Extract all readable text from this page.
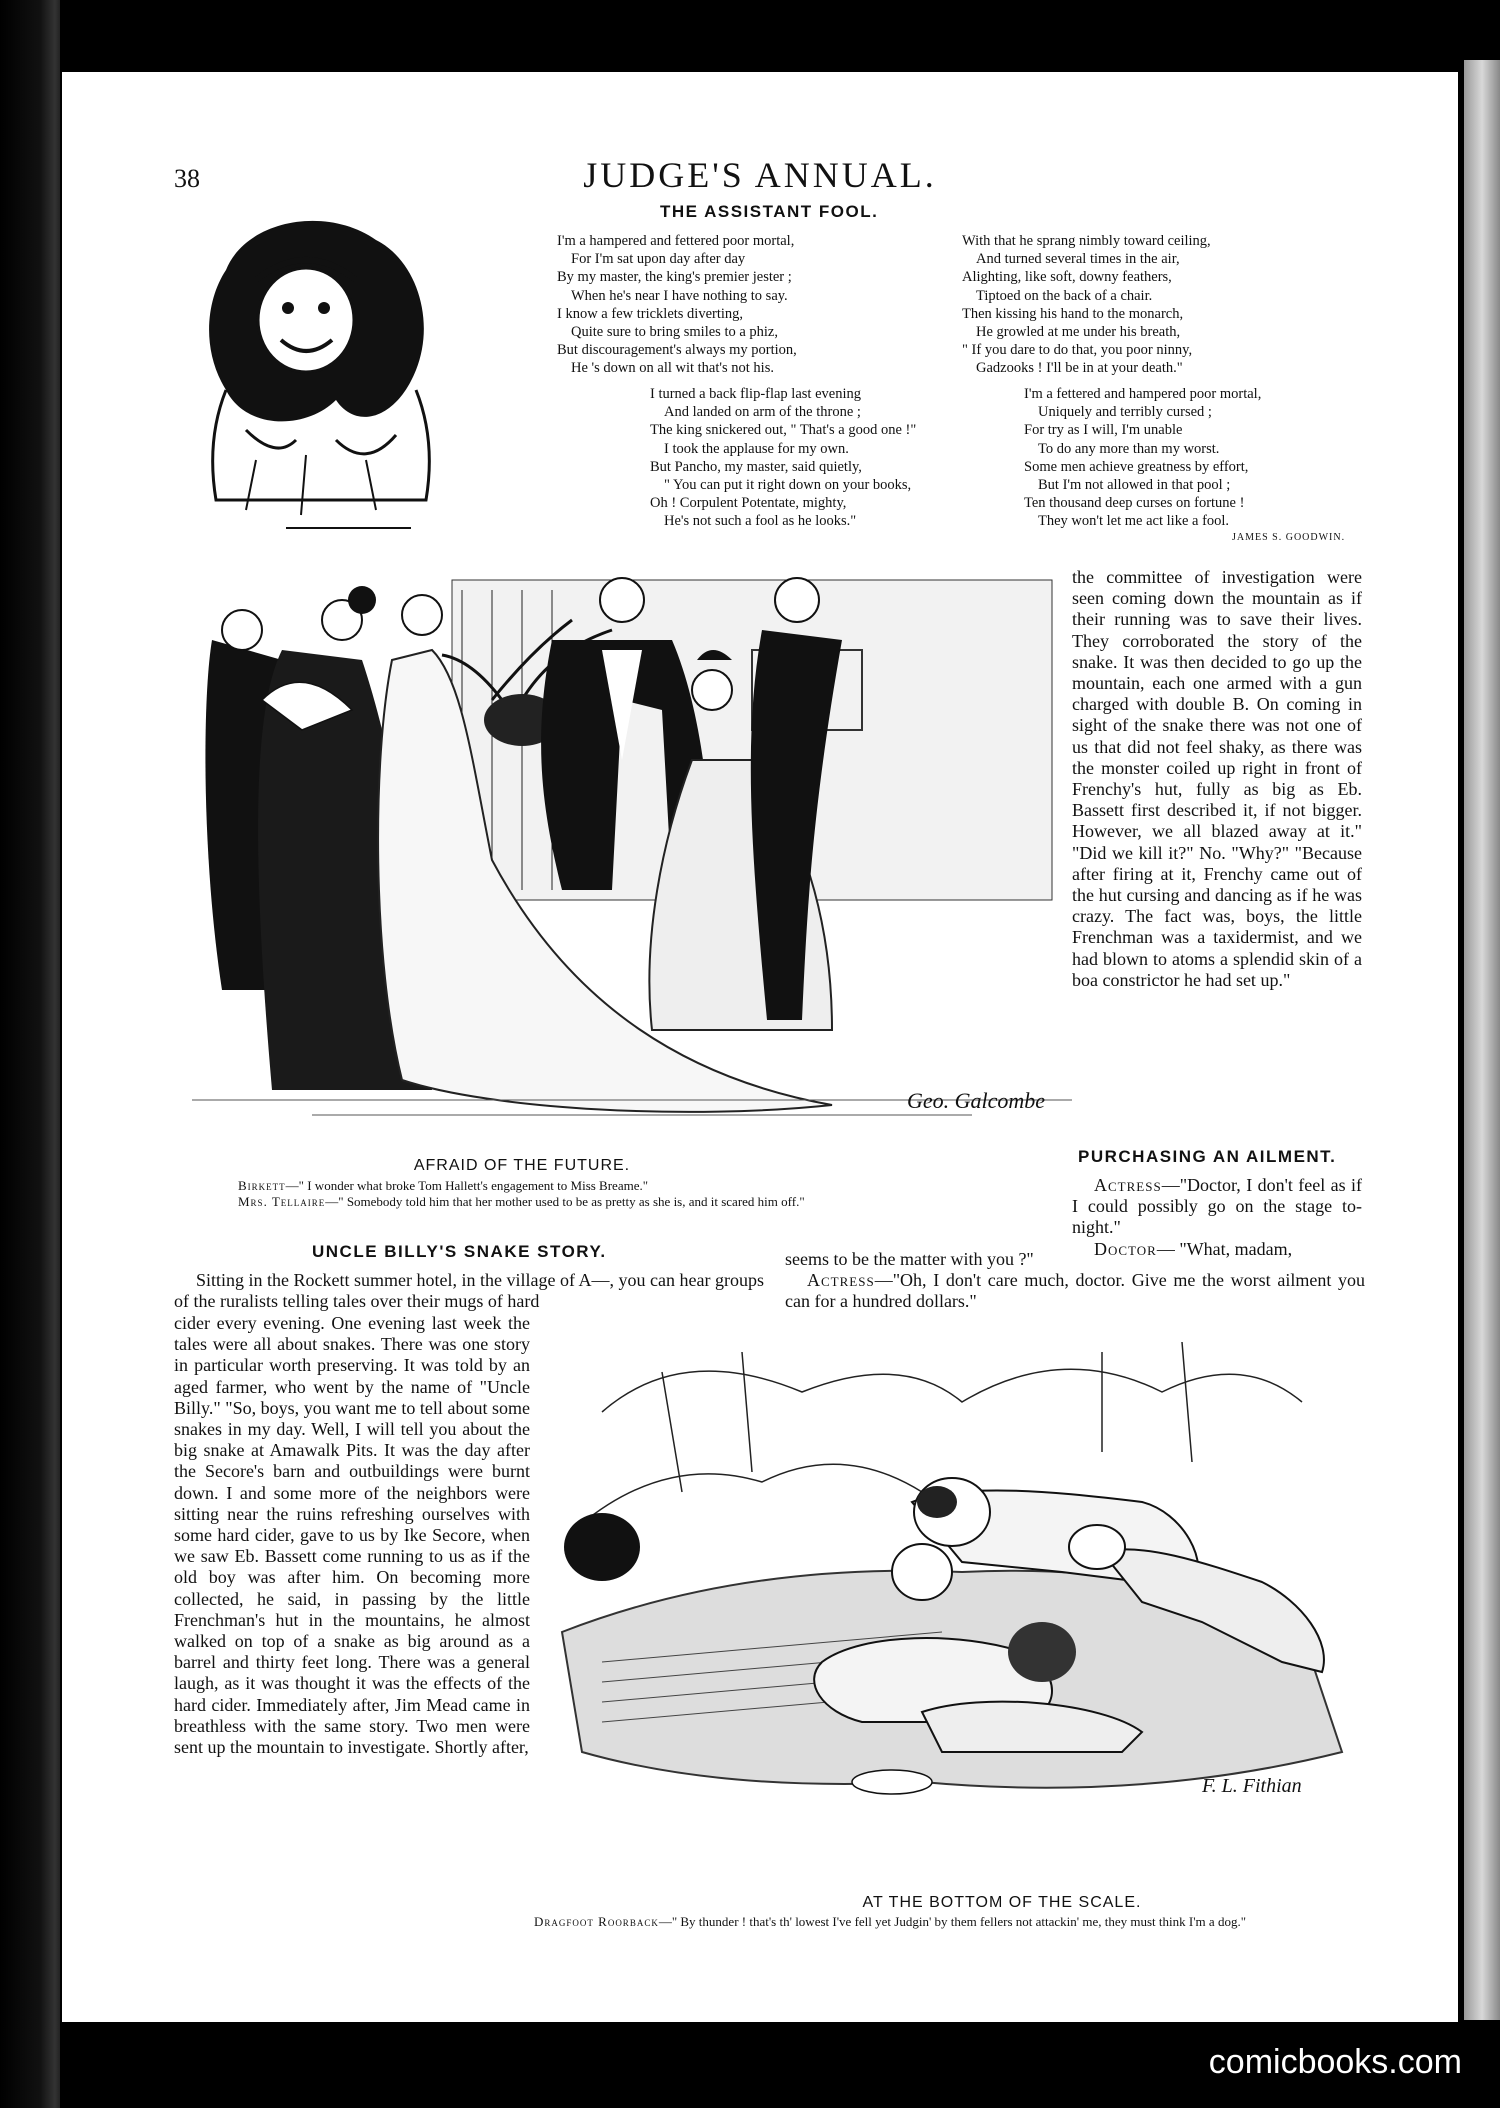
38	JUDGE'S ANNUAL.
THE ASSISTANT FOOL.
I'm a hampered and fettered poor mortal,
For I'm sat upon day after day
By my master, the king's premier jester ;
When he's near I have nothing to say.
I know a few tricklets diverting,
Quite sure to bring smiles to a phiz,
But discouragement's always my portion,
He 's down on all wit that's not his.
With that he sprang nimbly toward ceiling,
And turned several times in the air,
Alighting, like soft, downy feathers,
Tiptoed on the back of a chair.
Then kissing his hand to the monarch,
He growled at me under his breath,
" If you dare to do that, you poor ninny,
Gadzooks ! I'll be in at your death."
I turned a back flip-flap last evening
And landed on arm of the throne ;
The king snickered out, " That's a good one !"
I took the applause for my own.
But Pancho, my master, said quietly,
" You can put it right down on your books,
Oh ! Corpulent Potentate, mighty,
He's not such a fool as he looks."
I'm a fettered and hampered poor mortal,
Uniquely and terribly cursed ;
For try as I will, I'm unable
To do any more than my worst.
Some men achieve greatness by effort,
But I'm not allowed in that pool ;
Ten thousand deep curses on fortune !
They won't let me act like a fool.
JAMES S. GOODWIN.
Geo. Galcombe
AFRAID OF THE FUTURE.
Birkett—" I wonder what broke Tom Hallett's engagement to Miss Breame."
Mrs. Tellaire—" Somebody told him that her mother used to be as pretty as she is, and it scared him off."

the committee of investigation were seen coming down the mountain as if their running was to save their lives. They corroborated the story of the snake. It was then decided to go up the mountain, each one armed with a gun charged with double B. On coming in sight of the snake there was not one of us that did not feel shaky, as there was the monster coiled up right in front of Frenchy's hut, fully as big as Eb. Bassett first described it, if not bigger. However, we all blazed away at it." "Did we kill it?" No. "Why?" "Because after firing at it, Frenchy came out of the hut cursing and dancing as if he was crazy. The fact was, boys, the little Frenchman was a taxidermist, and we had blown to atoms a splendid skin of a boa constrictor he had set up."

PURCHASING AN AILMENT.

Actress—"Doctor, I don't feel as if I could possibly go on the stage to-night."

Doctor— "What, madam,

seems to be the matter with you ?"

Actress—"Oh, I don't care much, doctor. Give me the worst ailment you can for a hundred dollars."

UNCLE BILLY'S SNAKE STORY.

Sitting in the Rockett summer hotel, in the village of A—, you can hear groups of the ruralists telling tales over their mugs of hard

cider every evening. One evening last week the tales were all about snakes. There was one story in particular worth preserving. It was told by an aged farmer, who went by the name of "Uncle Billy." "So, boys, you want me to tell about some snakes in my day. Well, I will tell you about the big snake at Amawalk Pits. It was the day after the Secore's barn and outbuildings were burnt down. I and some more of the neighbors were sitting near the ruins refreshing ourselves with some hard cider, gave to us by Ike Secore, when we saw Eb. Bassett come running to us as if the old boy was after him. On becoming more collected, he said, in passing by the little Frenchman's hut in the mountains, he almost walked on top of a snake as big around as a barrel and thirty feet long. There was a general laugh, as it was thought it was the effects of the hard cider. Immediately after, Jim Mead came in breathless with the same story. Two men were sent up the mountain to investigate. Shortly after,

F. L. Fithian
AT THE BOTTOM OF THE SCALE.
Dragfoot Roorback—" By thunder ! that's th' lowest I've fell yet Judgin' by them fellers not attackin' me, they must think I'm a dog."
comicbooks.com
